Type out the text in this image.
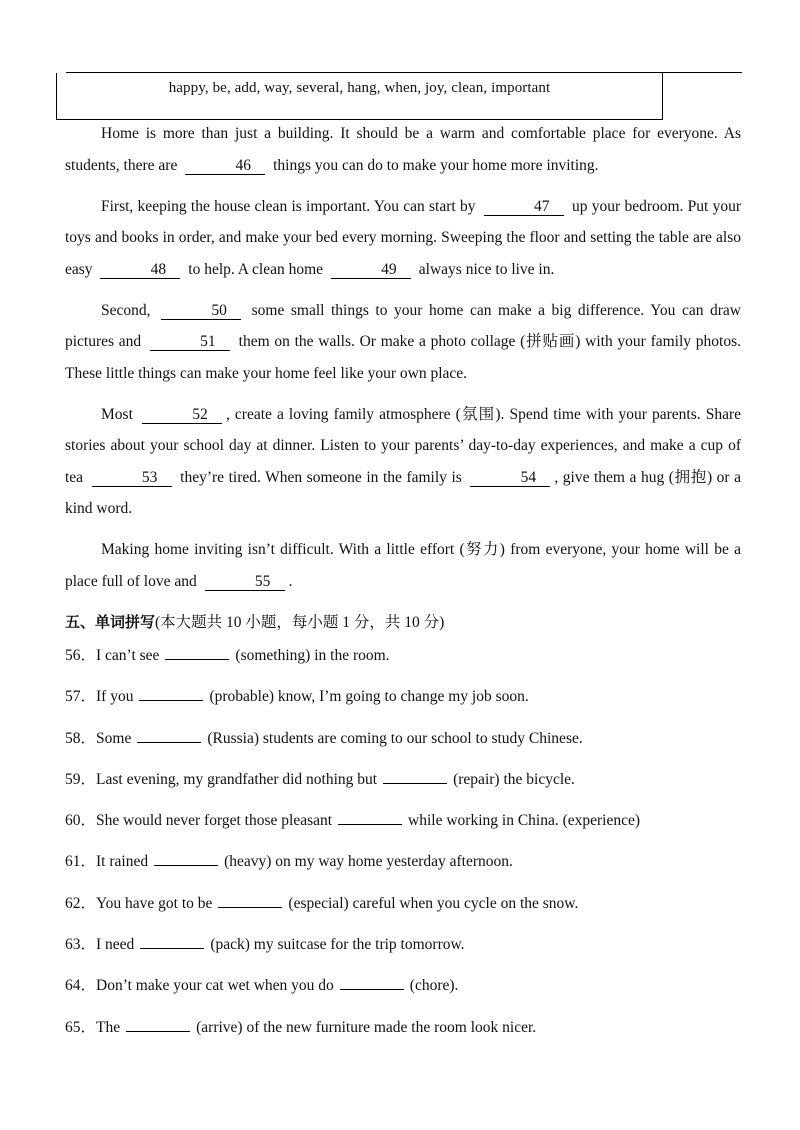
happy, be, add, way, several, hang, when, joy, clean, important

Home is more than just a building. It should be a warm and comfortable place for everyone. As students, there are	46 things you can do to make your home more inviting.

First, keeping the house clean is important. You can start by	47 up your bedroom. Put your toys and books in order, and make your bed every morning. Sweeping the floor and setting the table are also easy	48 to help. A clean home	49 always nice to live in.

Second,	50 some small things to your home can make a big difference. You can draw pictures and	51 them on the walls. Or make a photo collage (拼贴画) with your family photos. These little things can make your home feel like your own place.

Most	52 , create a loving family atmosphere (氛围). Spend time with your parents. Share stories about your school day at dinner. Listen to your parents’ day-to-day experiences, and make a cup of tea	53 they’re tired. When someone in the family is	54 , give them a hug (拥抱) or a kind word.

Making home inviting isn’t difficult. With a little effort (努力) from everyone, your home will be a place full of love and	55 .

五、单词拼写(本大题共 10 小题，每小题 1 分，共 10 分)
56．I can’t see	(something) in the room.
57．If you	(probable) know, I’m going to change my job soon.
58．Some	(Russia) students are coming to our school to study Chinese.
59．Last evening, my grandfather did nothing but	(repair) the bicycle.
60．She would never forget those pleasant	while working in China. (experience)
61．It rained	(heavy) on my way home yesterday afternoon.
62．You have got to be	(especial) careful when you cycle on the snow.
63．I need	(pack) my suitcase for the trip tomorrow.
64．Don’t make your cat wet when you do	(chore).
65．The	(arrive) of the new furniture made the room look nicer.
